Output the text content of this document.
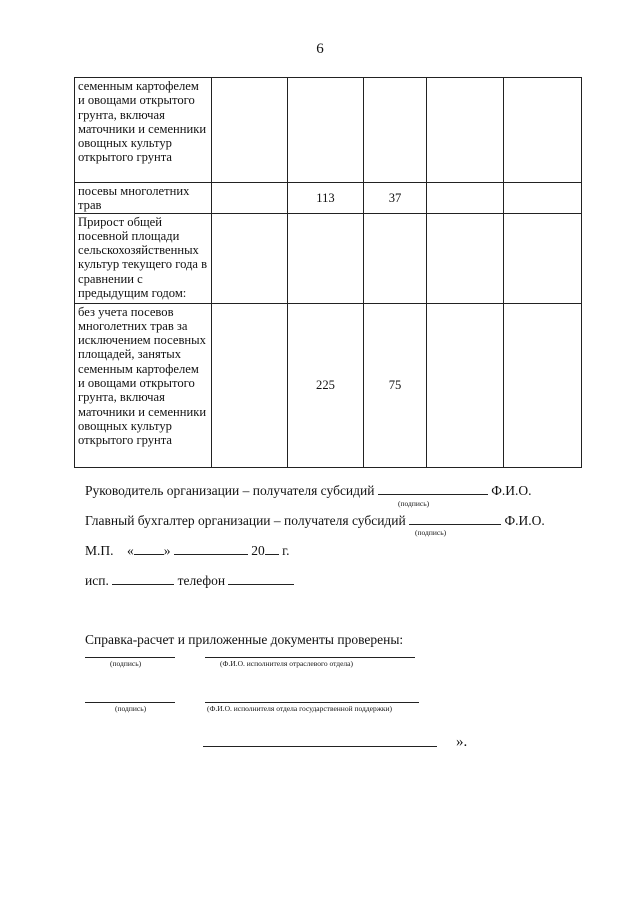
6
семенным картофелем и овощами открытого грунта, включая маточники и семенники овощных культур открытого грунта					
посевы многолетних трав		113	37		
Прирост общей посевной площади сельскохозяйственных культур текущего года в сравнении с предыдущим годом:					
без учета посевов многолетних трав за исключением посевных площадей, занятых семенным картофелем и овощами открытого грунта, включая маточники и семенники овощных культур открытого грунта		225	75		
Руководитель организации – получателя субсидий	Ф.И.О.
(подпись)
Главный бухгалтер организации – получателя субсидий	Ф.И.О.
(подпись)
М.П. « »	20 г.
исп.	телефон
Справка-расчет и приложенные документы проверены:
(подпись)	(Ф.И.О. исполнителя отраслевого отдела)
(подпись)	(Ф.И.О. исполнителя отдела государственной поддержки)
».
